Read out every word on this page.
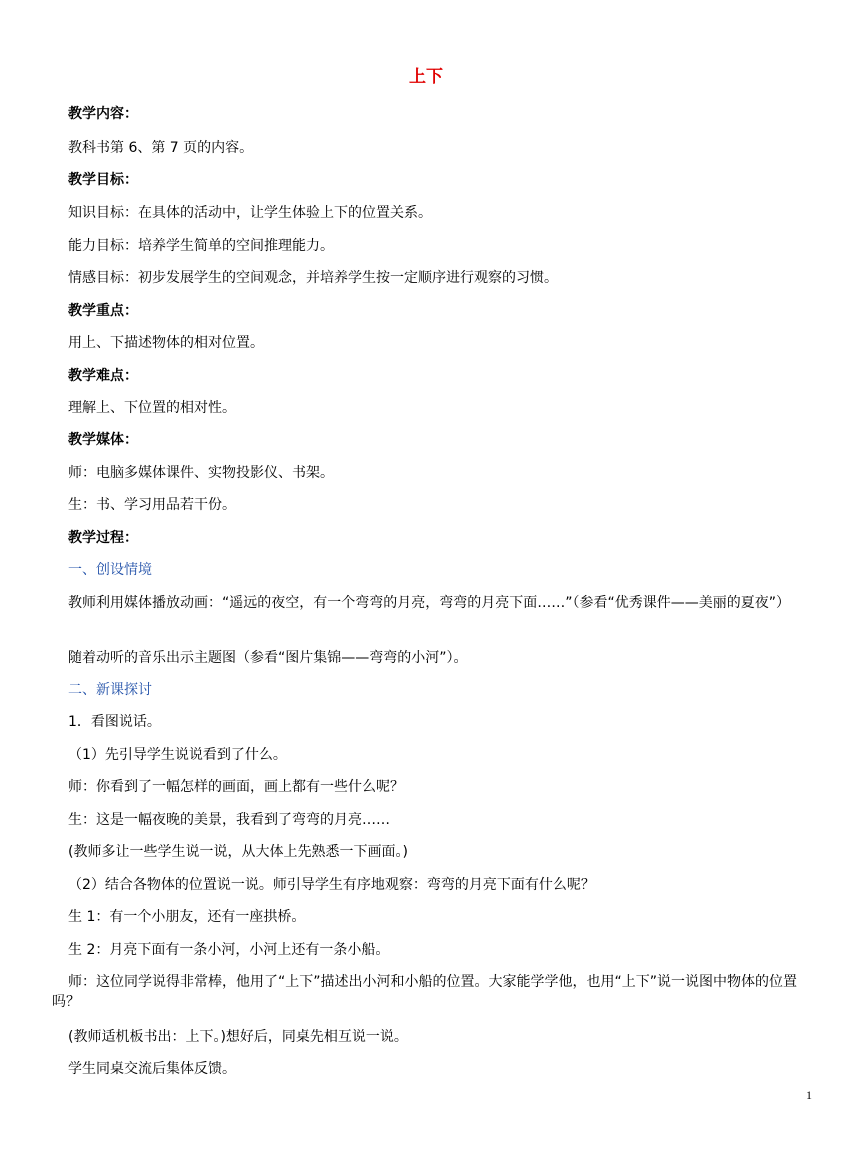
上下
教学内容：
教科书第 6、第 7 页的内容。
教学目标：
知识目标：在具体的活动中，让学生体验上下的位置关系。
能力目标：培养学生简单的空间推理能力。
情感目标：初步发展学生的空间观念，并培养学生按一定顺序进行观察的习惯。
教学重点：
用上、下描述物体的相对位置。
教学难点：
理解上、下位置的相对性。
教学媒体：
师：电脑多媒体课件、实物投影仪、书架。
生：书、学习用品若干份。
教学过程：
一、创设情境
教师利用媒体播放动画：“遥远的夜空，有一个弯弯的月亮，弯弯的月亮下面……”（参看“优秀课件——美丽的夏夜”）
随着动听的音乐出示主题图（参看“图片集锦——弯弯的小河”）。
二、新课探讨
1．看图说话。
（1）先引导学生说说看到了什么。
师：你看到了一幅怎样的画面，画上都有一些什么呢？
生：这是一幅夜晚的美景，我看到了弯弯的月亮……
(教师多让一些学生说一说，从大体上先熟悉一下画面。)
（2）结合各物体的位置说一说。师引导学生有序地观察：弯弯的月亮下面有什么呢？
生 1：有一个小朋友，还有一座拱桥。
生 2：月亮下面有一条小河，小河上还有一条小船。
师：这位同学说得非常棒，他用了“上下”描述出小河和小船的位置。大家能学学他，也用“上下”说一说图中物体的位置吗？
(教师适机板书出：上下。)想好后，同桌先相互说一说。
学生同桌交流后集体反馈。
1
